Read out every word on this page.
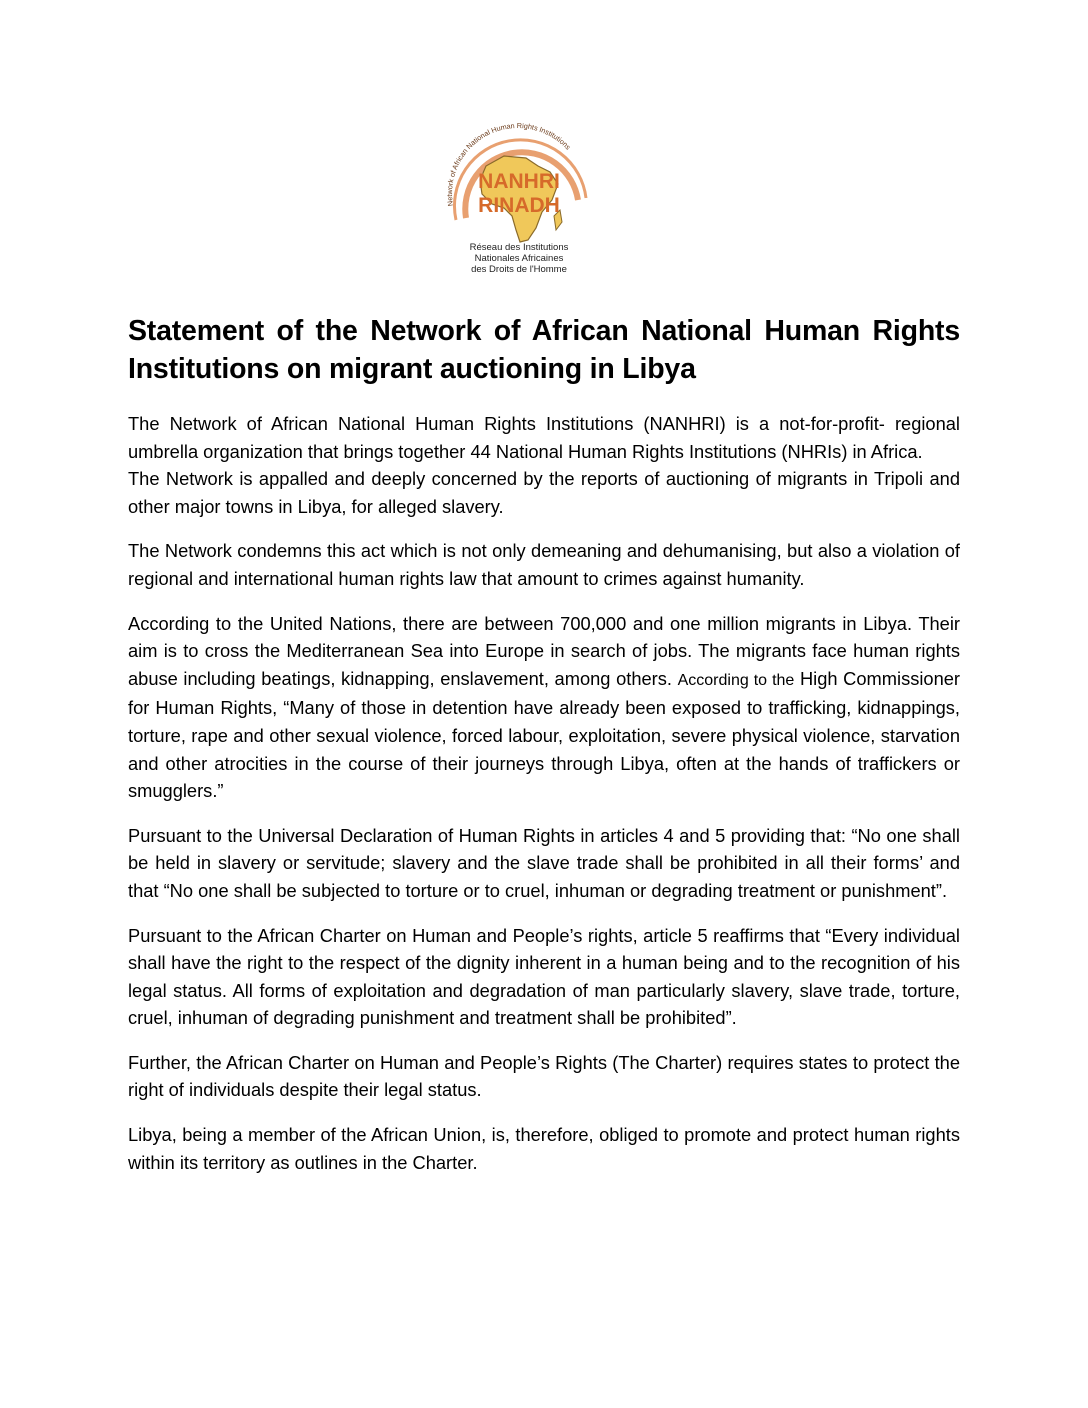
Network of African National Human Rights Institutions
NANHRI
RINADH
Réseau des Institutions
Nationales Africaines
des Droits de l'Homme
Statement of the Network of African National Human Rights Institutions on migrant auctioning in Libya

The Network of African National Human Rights Institutions (NANHRI) is a not-for-profit- regional umbrella organization that brings together 44 National Human Rights Institutions (NHRIs) in Africa.

The Network is appalled and deeply concerned by the reports of auctioning of migrants in Tripoli and other major towns in Libya, for alleged slavery.

The Network condemns this act which is not only demeaning and dehumanising, but also a violation of regional and international human rights law that amount to crimes against humanity.

According to the United Nations, there are between 700,000 and one million migrants in Libya. Their aim is to cross the Mediterranean Sea into Europe in search of jobs. The migrants face human rights abuse including beatings, kidnapping, enslavement, among others. According to the High Commissioner for Human Rights, “Many of those in detention have already been exposed to trafficking, kidnappings, torture, rape and other sexual violence, forced labour, exploitation, severe physical violence, starvation and other atrocities in the course of their journeys through Libya, often at the hands of traffickers or smugglers.”

Pursuant to the Universal Declaration of Human Rights in articles 4 and 5 providing that: “No one shall be held in slavery or servitude; slavery and the slave trade shall be prohibited in all their forms’ and that “No one shall be subjected to torture or to cruel, inhuman or degrading treatment or punishment”.

Pursuant to the African Charter on Human and People’s rights, article 5 reaffirms that “Every individual shall have the right to the respect of the dignity inherent in a human being and to the recognition of his legal status. All forms of exploitation and degradation of man particularly slavery, slave trade, torture, cruel, inhuman of degrading punishment and treatment shall be prohibited”.

Further, the African Charter on Human and People’s Rights (The Charter) requires states to protect the right of individuals despite their legal status.

Libya, being a member of the African Union, is, therefore, obliged to promote and protect human rights within its territory as outlines in the Charter.
